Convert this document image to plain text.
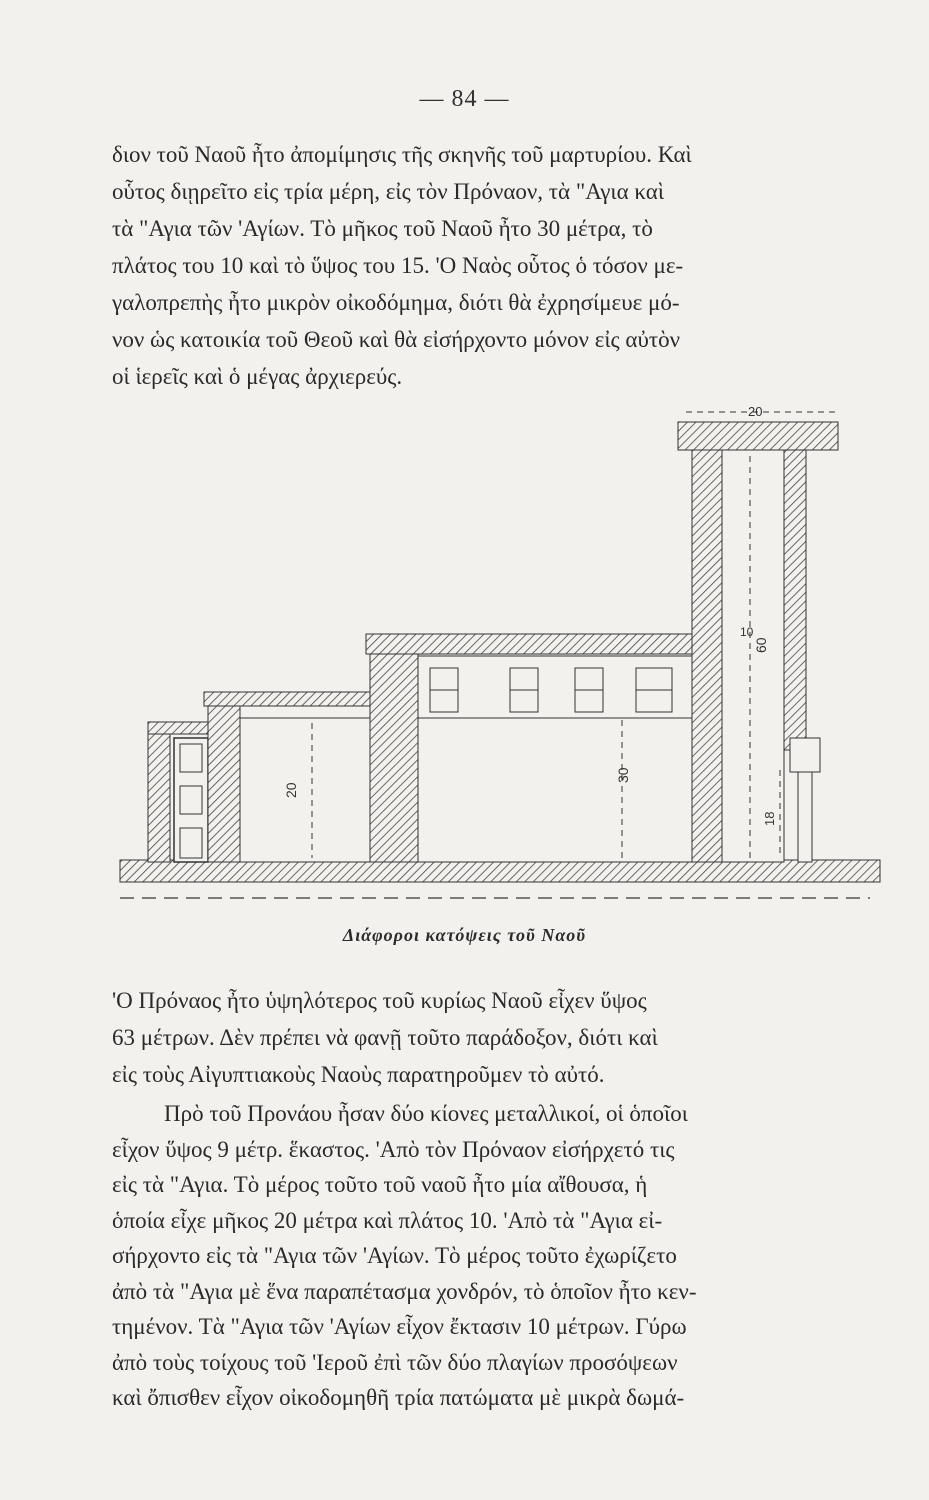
— 84 —
διον τοῦ Ναοῦ ἦτο ἀπομίμησις τῆς σκηνῆς τοῦ μαρτυρίου. Καὶ
οὗτος διῃρεῖτο εἰς τρία μέρη, εἰς τὸν Πρόναον, τὰ "Αγια καὶ
τὰ "Αγια τῶν 'Αγίων. Τὸ μῆκος τοῦ Ναοῦ ἦτο 30 μέτρα, τὸ
πλάτος του 10 καὶ τὸ ὕψος του 15. 'Ο Ναὸς οὗτος ὁ τόσον με-
γαλοπρεπὴς ἦτο μικρὸν οἰκοδόμημα, διότι θὰ ἐχρησίμευε μό-
νον ὡς κατοικία τοῦ Θεοῦ καὶ θὰ εἰσήρχοντο μόνον εἰς αὐτὸν
οἱ ἱερεῖς καὶ ὁ μέγας ἀρχιερεύς.
20
30
60
10
20
18
Διάφοροι κατόψεις τοῦ Ναοῦ
'Ο Πρόναος ἦτο ὑψηλότερος τοῦ κυρίως Ναοῦ εἶχεν ὕψος
63 μέτρων. Δὲν πρέπει νὰ φανῇ τοῦτο παράδοξον, διότι καὶ
εἰς τοὺς Αἰγυπτιακοὺς Ναοὺς παρατηροῦμεν τὸ αὐτό.
Πρὸ τοῦ Προνάου ἦσαν δύο κίονες μεταλλικοί, οἱ ὁποῖοι
εἶχον ὕψος 9 μέτρ. ἕκαστος. 'Απὸ τὸν Πρόναον εἰσήρχετό τις
εἰς τὰ "Αγια. Τὸ μέρος τοῦτο τοῦ ναοῦ ἦτο μία αἴθουσα, ἡ
ὁποία εἶχε μῆκος 20 μέτρα καὶ πλάτος 10. 'Απὸ τὰ "Αγια εἰ-
σήρχοντο εἰς τὰ "Αγια τῶν 'Αγίων. Τὸ μέρος τοῦτο ἐχωρίζετο
ἀπὸ τὰ "Αγια μὲ ἕνα παραπέτασμα χονδρόν, τὸ ὁποῖον ἦτο κεν-
τημένον. Τὰ "Αγια τῶν 'Αγίων εἶχον ἔκτασιν 10 μέτρων. Γύρω
ἀπὸ τοὺς τοίχους τοῦ 'Ιεροῦ ἐπὶ τῶν δύο πλαγίων προσόψεων
καὶ ὄπισθεν εἶχον οἰκοδομηθῆ τρία πατώματα μὲ μικρὰ δωμά-
